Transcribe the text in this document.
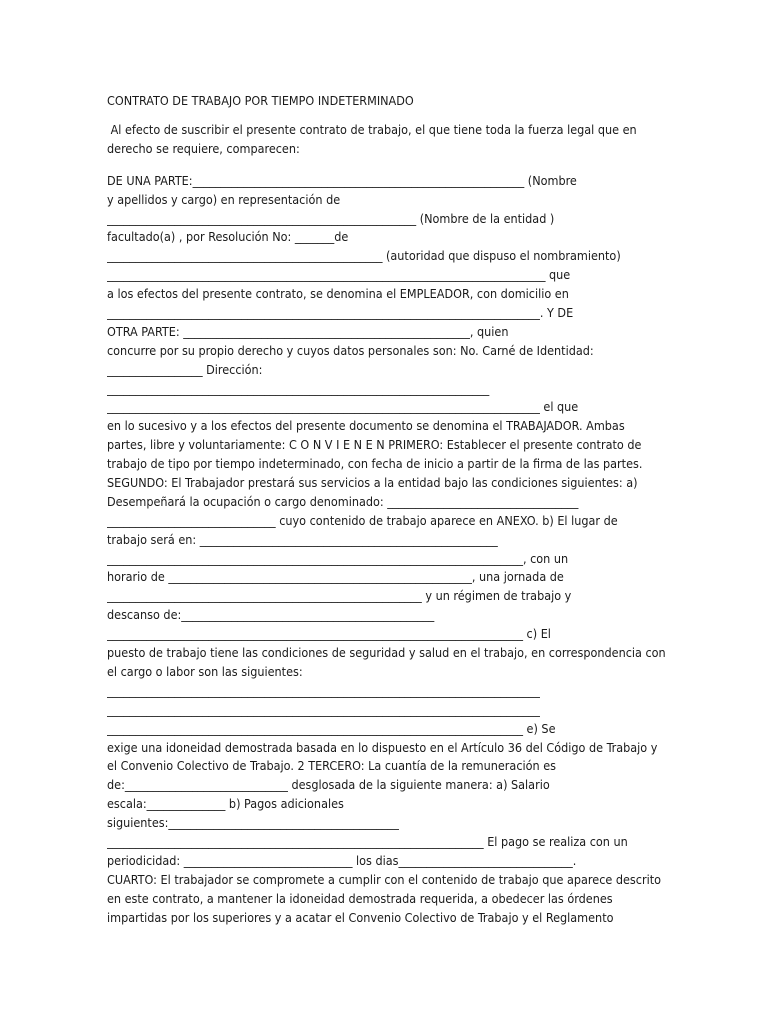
CONTRATO DE TRABAJO POR TIEMPO INDETERMINADO
Al efecto de suscribir el presente contrato de trabajo, el que tiene toda la fuerza legal que en
derecho se requiere, comparecen:
DE UNA PARTE:___________________________________________________________ (Nombre
y apellidos y cargo) en representación de
_______________________________________________________ (Nombre de la entidad )
facultado(a) , por Resolución No: _______de
_________________________________________________ (autoridad que dispuso el nombramiento)
______________________________________________________________________________ que
a los efectos del presente contrato, se denomina el EMPLEADOR, con domicilio en
_____________________________________________________________________________. Y DE
OTRA PARTE: ___________________________________________________, quien
concurre por su propio derecho y cuyos datos personales son: No. Carné de Identidad:
_________________ Dirección:
____________________________________________________________________
_____________________________________________________________________________ el que
en lo sucesivo y a los efectos del presente documento se denomina el TRABAJADOR. Ambas
partes, libre y voluntariamente: C O N V I E N E N PRIMERO: Establecer el presente contrato de
trabajo de tipo por tiempo indeterminado, con fecha de inicio a partir de la firma de las partes.
SEGUNDO: El Trabajador prestará sus servicios a la entidad bajo las condiciones siguientes: a)
Desempeñará la ocupación o cargo denominado: __________________________________
______________________________ cuyo contenido de trabajo aparece en ANEXO. b) El lugar de
trabajo será en: _____________________________________________________
__________________________________________________________________________, con un
horario de ______________________________________________________, una jornada de
________________________________________________________ y un régimen de trabajo y
descanso de:_____________________________________________
__________________________________________________________________________ c) El
puesto de trabajo tiene las condiciones de seguridad y salud en el trabajo, en correspondencia con
el cargo o labor son las siguientes:
_____________________________________________________________________________
_____________________________________________________________________________
__________________________________________________________________________ e) Se
exige una idoneidad demostrada basada en lo dispuesto en el Artículo 36 del Código de Trabajo y
el Convenio Colectivo de Trabajo. 2 TERCERO: La cuantía de la remuneración es
de:_____________________________ desglosada de la siguiente manera: a) Salario
escala:______________ b) Pagos adicionales
siguientes:_________________________________________
___________________________________________________________________ El pago se realiza con un
periodicidad: ______________________________ los dias_______________________________.
CUARTO: El trabajador se compromete a cumplir con el contenido de trabajo que aparece descrito
en este contrato, a mantener la idoneidad demostrada requerida, a obedecer las órdenes
impartidas por los superiores y a acatar el Convenio Colectivo de Trabajo y el Reglamento
